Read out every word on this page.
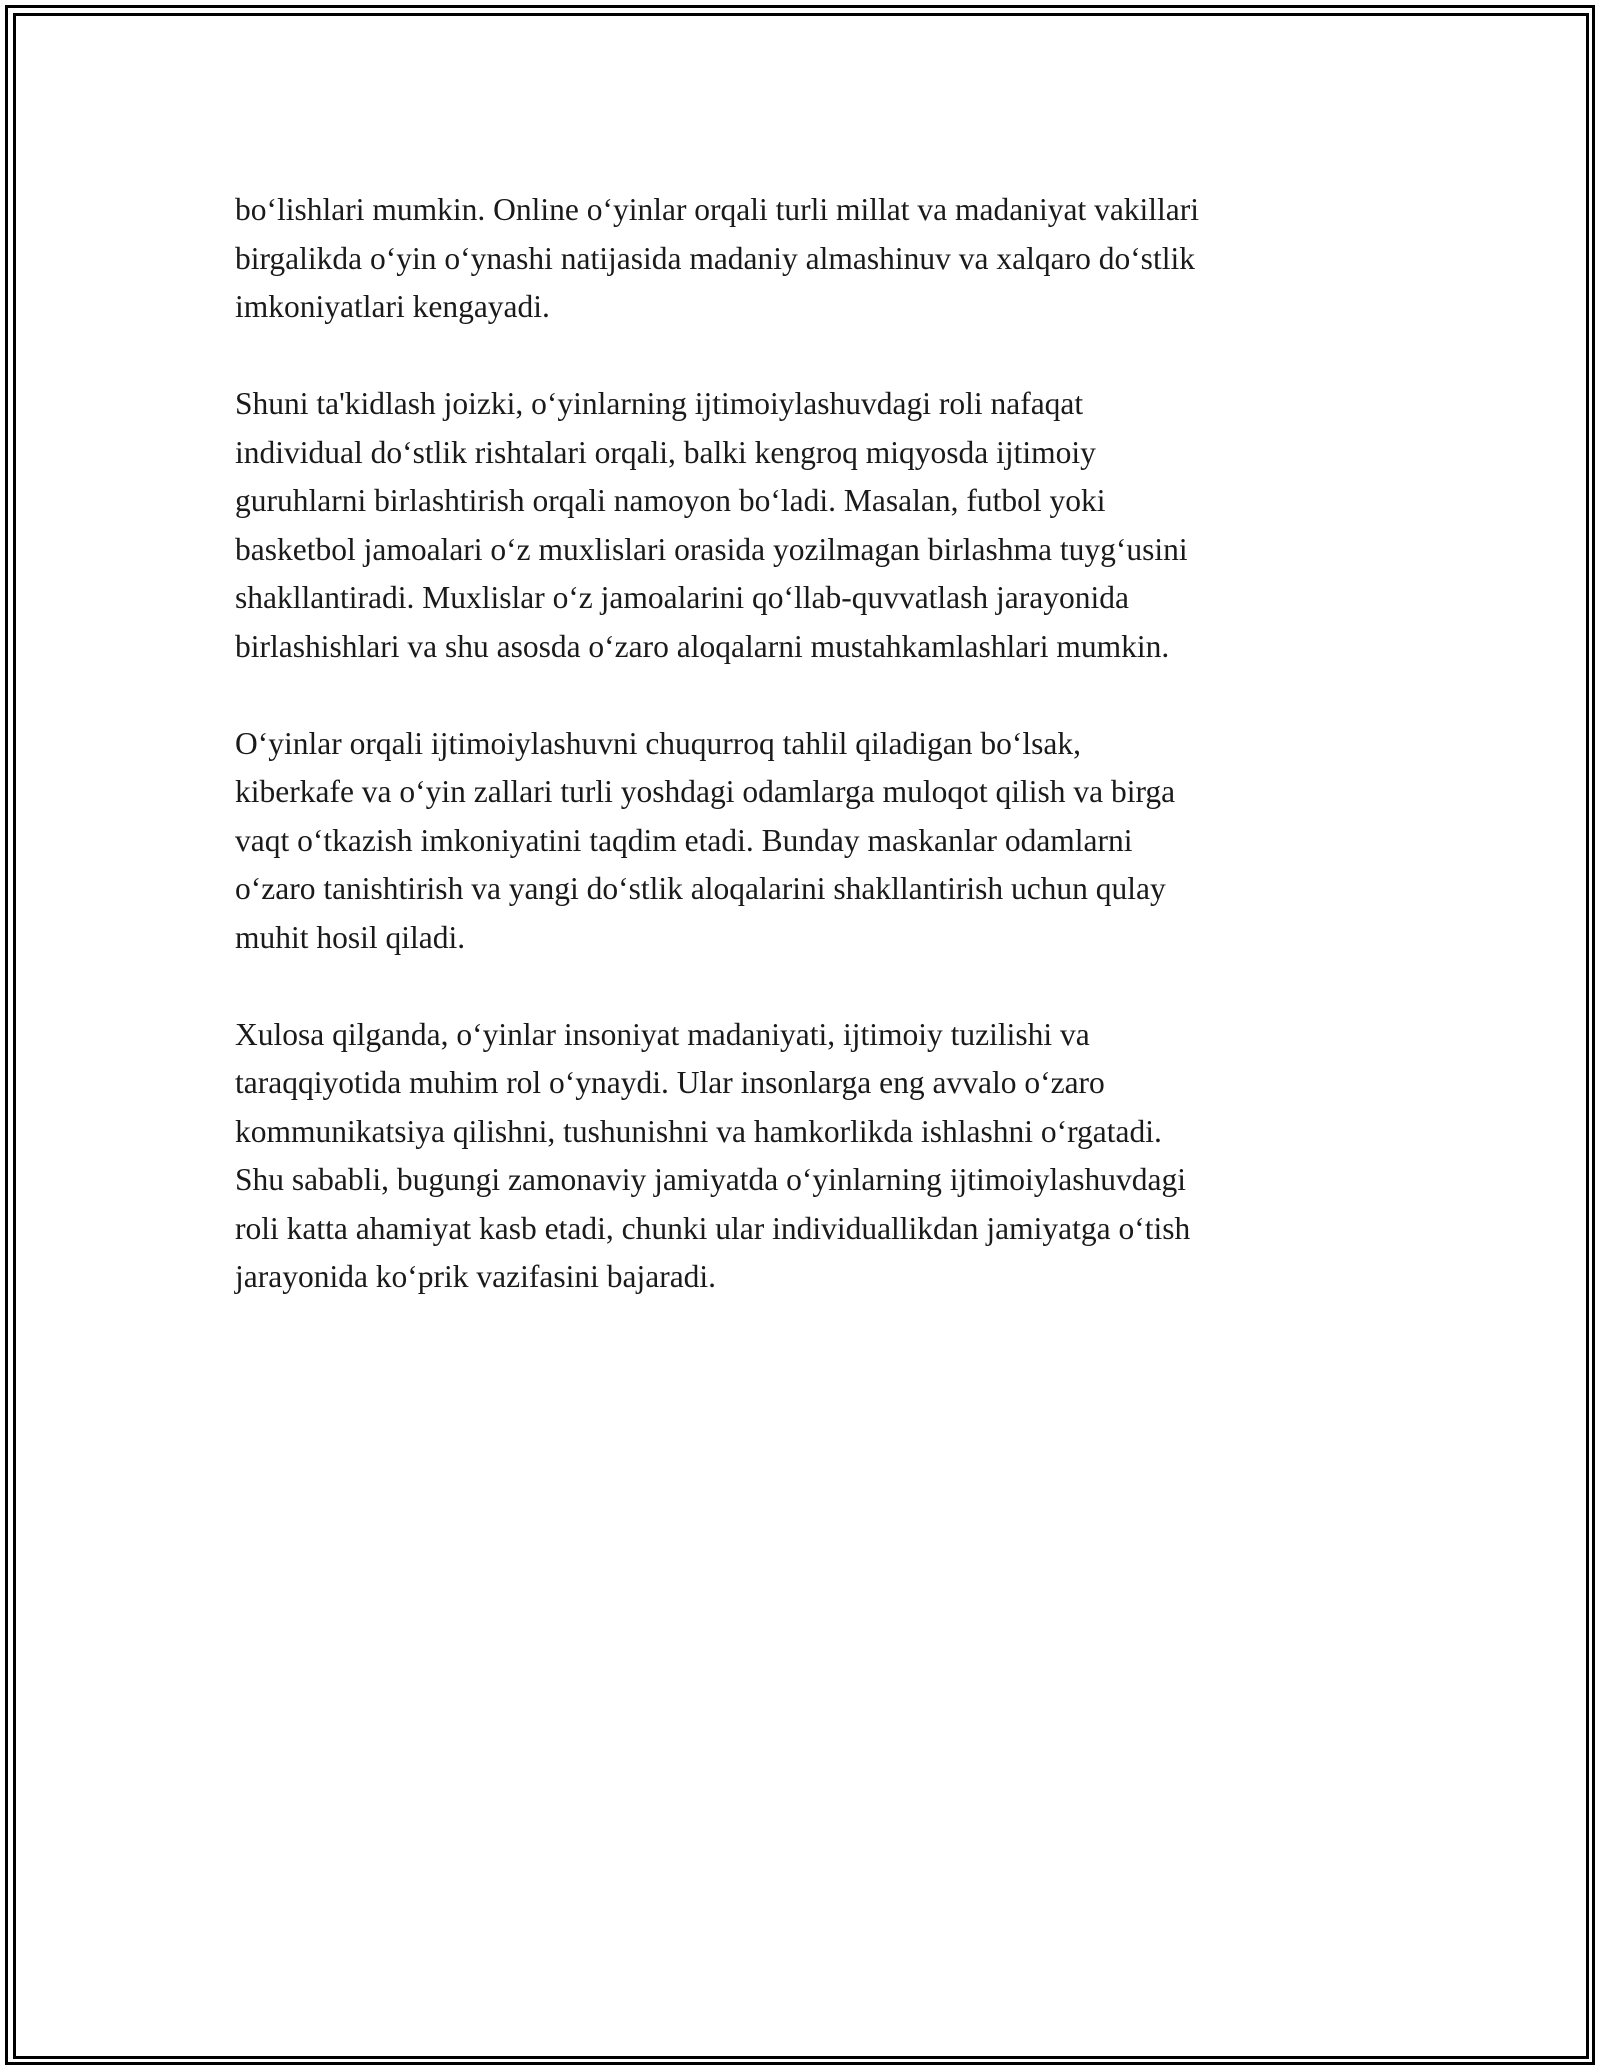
bo‘lishlari mumkin. Online o‘yinlar orqali turli millat va madaniyat vakillari
birgalikda o‘yin o‘ynashi natijasida madaniy almashinuv va xalqaro do‘stlik
imkoniyatlari kengayadi.

Shuni ta'kidlash joizki, o‘yinlarning ijtimoiylashuvdagi roli nafaqat
individual do‘stlik rishtalari orqali, balki kengroq miqyosda ijtimoiy
guruhlarni birlashtirish orqali namoyon bo‘ladi. Masalan, futbol yoki
basketbol jamoalari o‘z muxlislari orasida yozilmagan birlashma tuyg‘usini
shakllantiradi. Muxlislar o‘z jamoalarini qo‘llab-quvvatlash jarayonida
birlashishlari va shu asosda o‘zaro aloqalarni mustahkamlashlari mumkin.

O‘yinlar orqali ijtimoiylashuvni chuqurroq tahlil qiladigan bo‘lsak,
kiberkafe va o‘yin zallari turli yoshdagi odamlarga muloqot qilish va birga
vaqt o‘tkazish imkoniyatini taqdim etadi. Bunday maskanlar odamlarni
o‘zaro tanishtirish va yangi do‘stlik aloqalarini shakllantirish uchun qulay
muhit hosil qiladi.

Xulosa qilganda, o‘yinlar insoniyat madaniyati, ijtimoiy tuzilishi va
taraqqiyotida muhim rol o‘ynaydi. Ular insonlarga eng avvalo o‘zaro
kommunikatsiya qilishni, tushunishni va hamkorlikda ishlashni o‘rgatadi.
Shu sababli, bugungi zamonaviy jamiyatda o‘yinlarning ijtimoiylashuvdagi
roli katta ahamiyat kasb etadi, chunki ular individuallikdan jamiyatga o‘tish
jarayonida ko‘prik vazifasini bajaradi.
